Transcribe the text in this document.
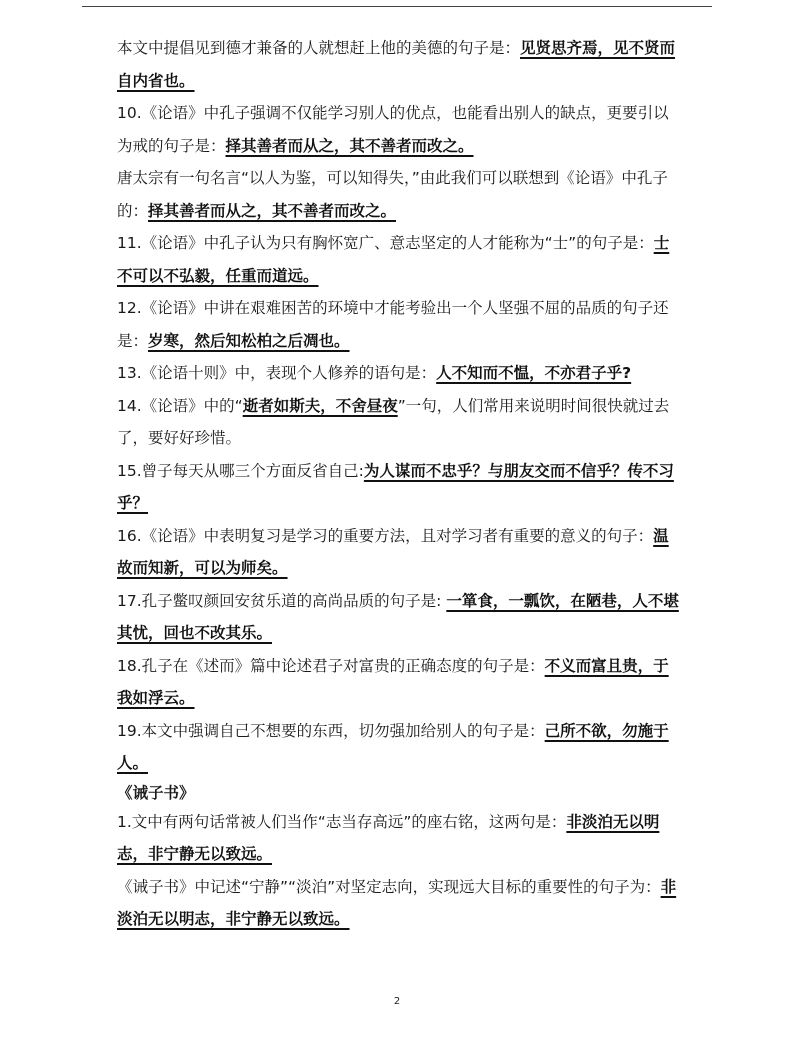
本文中提倡见到德才兼备的人就想赶上他的美德的句子是：见贤思齐焉，见不贤而自内省也。

10.《论语》中孔子强调不仅能学习别人的优点，也能看出别人的缺点，更要引以为戒的句子是：择其善者而从之，其不善者而改之。

唐太宗有一句名言“以人为鉴，可以知得失，”由此我们可以联想到《论语》中孔子的：择其善者而从之，其不善者而改之。

11.《论语》中孔子认为只有胸怀宽广、意志坚定的人才能称为“士”的句子是：士不可以不弘毅，任重而道远。

12.《论语》中讲在艰难困苦的环境中才能考验出一个人坚强不屈的品质的句子还是：岁寒，然后知松柏之后凋也。

13.《论语十则》中，表现个人修养的语句是：人不知而不愠，不亦君子乎?

14.《论语》中的“逝者如斯夫，不舍昼夜”一句，人们常用来说明时间很快就过去了，要好好珍惜。

15.曾子每天从哪三个方面反省自己:为人谋而不忠乎？与朋友交而不信乎？传不习乎？

16.《论语》中表明复习是学习的重要方法，且对学习者有重要的意义的句子：温故而知新，可以为师矣。

17.孔子鳖叹颜回安贫乐道的高尚品质的句子是: 一箪食，一瓢饮，在陋巷，人不堪其忧，回也不改其乐。

18.孔子在《述而》篇中论述君子对富贵的正确态度的句子是：不义而富且贵，于我如浮云。

19.本文中强调自己不想要的东西，切勿强加给别人的句子是：己所不欲，勿施于人。

《诫子书》

1.文中有两句话常被人们当作“志当存高远”的座右铭，这两句是：非淡泊无以明志，非宁静无以致远。

《诫子书》中记述“宁静”“淡泊”对坚定志向，实现远大目标的重要性的句子为：非淡泊无以明志，非宁静无以致远。

2
